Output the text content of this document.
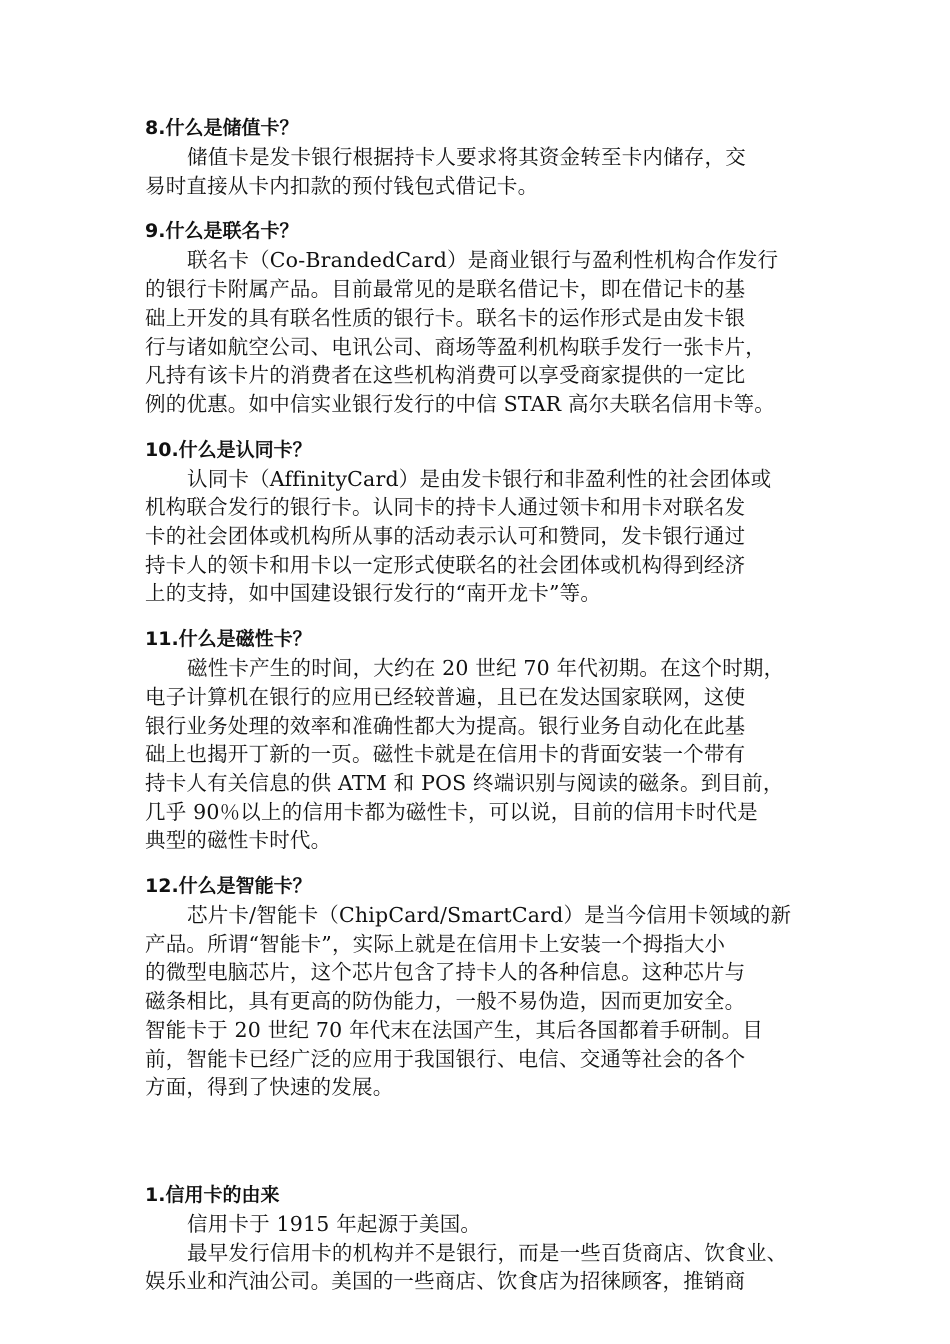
8.什么是储值卡？

储值卡是发卡银行根据持卡人要求将其资金转至卡内储存，交

易时直接从卡内扣款的预付钱包式借记卡。

9.什么是联名卡？

联名卡（Co-BrandedCard）是商业银行与盈利性机构合作发行

的银行卡附属产品。目前最常见的是联名借记卡，即在借记卡的基

础上开发的具有联名性质的银行卡。联名卡的运作形式是由发卡银

行与诸如航空公司、电讯公司、商场等盈利机构联手发行一张卡片，

凡持有该卡片的消费者在这些机构消费可以享受商家提供的一定比

例的优惠。如中信实业银行发行的中信 STAR 高尔夫联名信用卡等。

10.什么是认同卡？

认同卡（AffinityCard）是由发卡银行和非盈利性的社会团体或

机构联合发行的银行卡。认同卡的持卡人通过领卡和用卡对联名发

卡的社会团体或机构所从事的活动表示认可和赞同，发卡银行通过

持卡人的领卡和用卡以一定形式使联名的社会团体或机构得到经济

上的支持，如中国建设银行发行的“南开龙卡”等。

11.什么是磁性卡？

磁性卡产生的时间，大约在 20 世纪 70 年代初期。在这个时期，

电子计算机在银行的应用已经较普遍，且已在发达国家联网，这使

银行业务处理的效率和准确性都大为提高。银行业务自动化在此基

础上也揭开丁新的一页。磁性卡就是在信用卡的背面安装一个带有

持卡人有关信息的供 ATM 和 POS 终端识别与阅读的磁条。到目前，

几乎 90％以上的信用卡都为磁性卡，可以说，目前的信用卡时代是

典型的磁性卡时代。

12.什么是智能卡？

芯片卡/智能卡（ChipCard/SmartCard）是当今信用卡领域的新

产品。所谓“智能卡”，实际上就是在信用卡上安装一个拇指大小

的微型电脑芯片，这个芯片包含了持卡人的各种信息。这种芯片与

磁条相比，具有更高的防伪能力，一般不易伪造，因而更加安全。

智能卡于 20 世纪 70 年代末在法国产生，其后各国都着手研制。目

前，智能卡已经广泛的应用于我国银行、电信、交通等社会的各个

方面，得到了快速的发展。

1.信用卡的由来

信用卡于 1915 年起源于美国。

最早发行信用卡的机构并不是银行，而是一些百货商店、饮食业、

娱乐业和汽油公司。美国的一些商店、饮食店为招徕顾客，推销商
